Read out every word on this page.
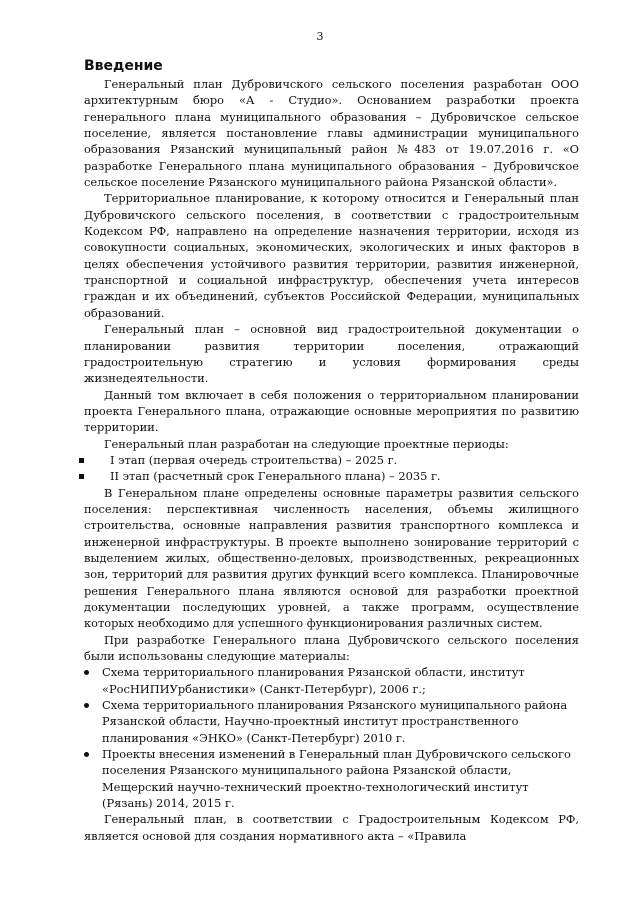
3
Введение

Генеральный план Дубровичского сельского поселения разработан ООО архитектурным бюро «А - Студио». Основанием разработки проекта генерального плана муниципального образования – Дубровичское сельское поселение, является постановление главы администрации муниципального образования Рязанский муниципальный район №483 от 19.07.2016 г. «О разработке Генерального плана муниципального образования – Дубровичское сельское поселение Рязанского муниципального района Рязанской области».

Территориальное планирование, к которому относится и Генеральный план Дубровичского сельского поселения, в соответствии с градостроительным Кодексом РФ, направлено на определение назначения территории, исходя из совокупности социальных, экономических, экологических и иных факторов в целях обеспечения устойчивого развития территории, развития инженерной, транспортной и социальной инфраструктур, обеспечения учета интересов граждан и их объединений, субъектов Российской Федерации, муниципальных образований.

Генеральный план – основной вид градостроительной документации о планировании развития территории поселения, отражающий градостроительную стратегию и условия формирования среды жизнедеятельности.

Данный том включает в себя положения о территориальном планировании проекта Генерального плана, отражающие основные мероприятия по развитию территории.

Генеральный план разработан на следующие проектные периоды:

I этап (первая очередь строительства) – 2025 г.
II этап (расчетный срок Генерального плана) – 2035 г.

В Генеральном плане определены основные параметры развития сельского поселения: перспективная численность населения, объемы жилищного строительства, основные направления развития транспортного комплекса и инженерной инфраструктуры. В проекте выполнено зонирование территорий с выделением жилых, общественно-деловых, производственных, рекреационных зон, территорий для развития других функций всего комплекса. Планировочные решения Генерального плана являются основой для разработки проектной документации последующих уровней, а также программ, осуществление которых необходимо для успешного функционирования различных систем.

При разработке Генерального плана Дубровичского сельского поселения были использованы следующие материалы:

Схема территориального планирования Рязанской области, институт «РосНИПИУрбанистики» (Санкт-Петербург), 2006 г.;
Схема территориального планирования Рязанского муниципального района Рязанской области, Научно-проектный институт пространственного планирования «ЭНКО» (Санкт-Петербург) 2010 г.
Проекты внесения изменений в Генеральный план Дубровичского сельского поселения Рязанского муниципального района Рязанской области, Мещерский научно-технический проектно-технологический институт (Рязань) 2014, 2015 г.

Генеральный план, в соответствии с Градостроительным Кодексом РФ, является основой для создания нормативного акта – «Правила
